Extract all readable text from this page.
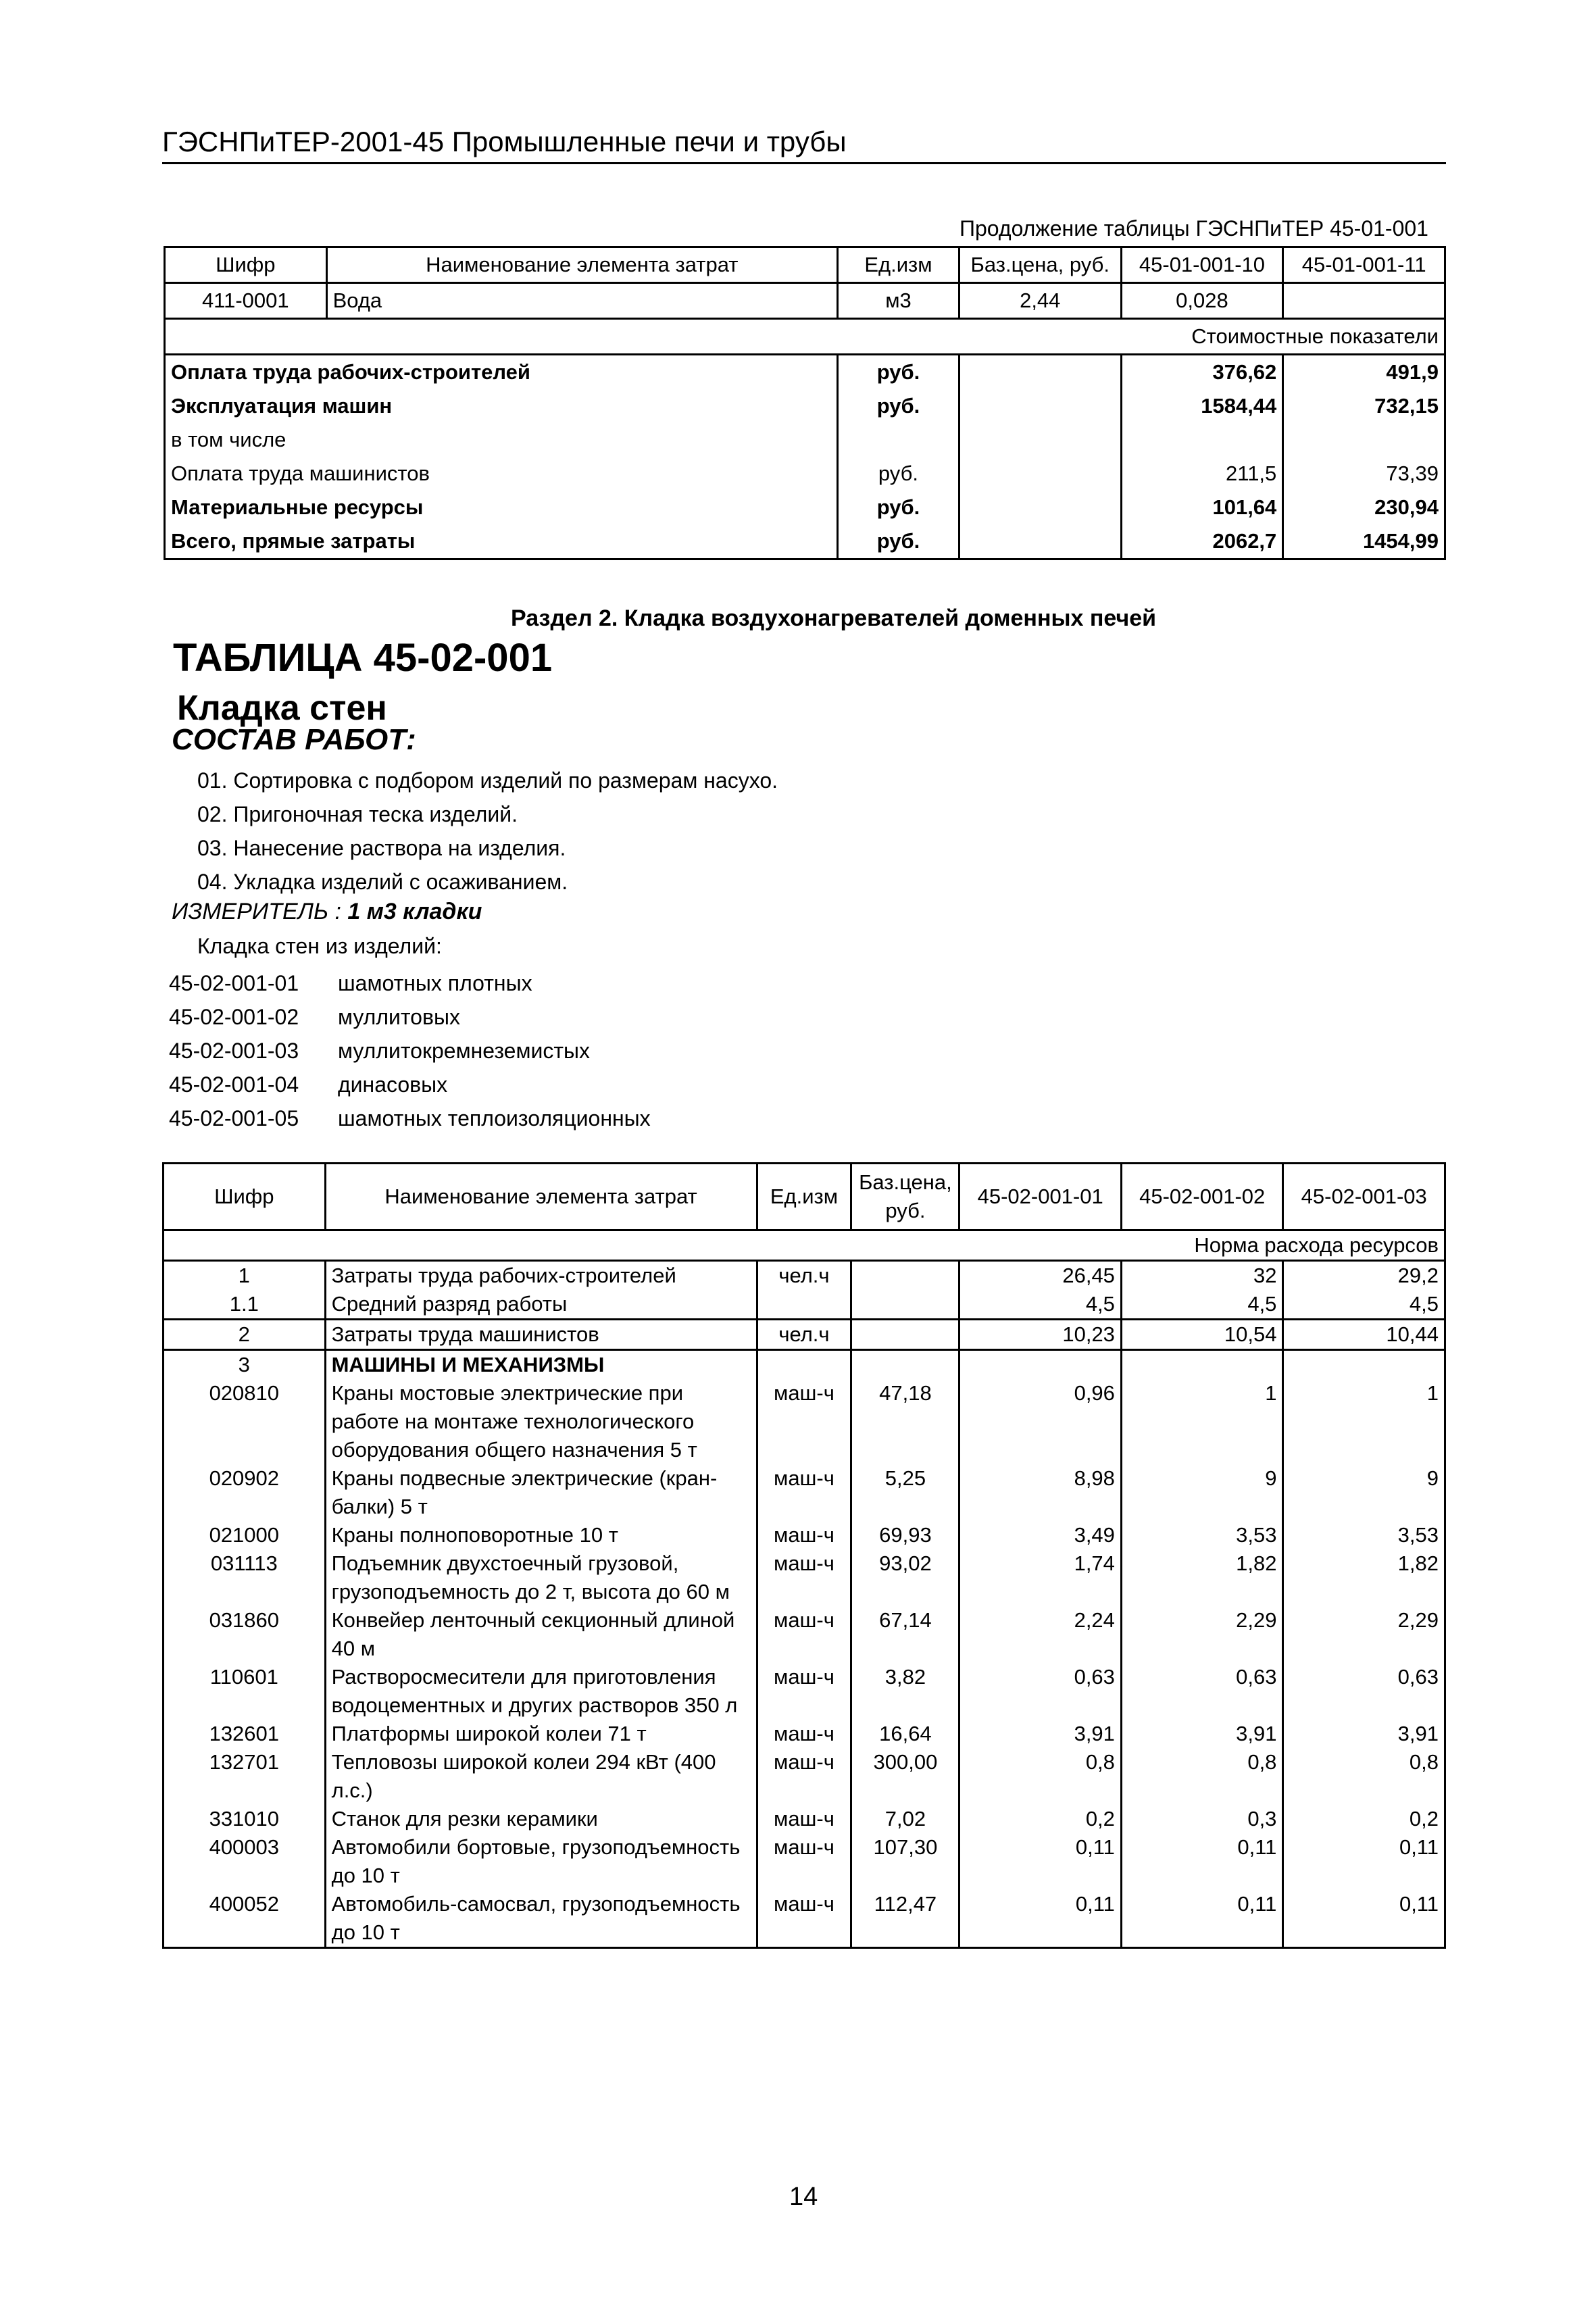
ГЭСНПиТЕР-2001-45 Промышленные печи и трубы
Продолжение таблицы ГЭСНПиТЕР 45-01-001
Шифр	Наименование элемента затрат	Ед.изм	Баз.цена, руб.	45-01-001-10	45-01-001-11
411-0001	Вода	м3	2,44	0,028	
Стоимостные показатели					
Оплата труда рабочих-строителей		руб.		376,62	491,9
Эксплуатация машин		руб.		1584,44	732,15
в том числе					
Оплата труда машинистов		руб.		211,5	73,39
Материальные ресурсы		руб.		101,64	230,94
Всего, прямые затраты		руб.		2062,7	1454,99
Раздел 2. Кладка воздухонагревателей доменных печей
ТАБЛИЦА 45-02-001
Кладка стен
СОСТАВ РАБОТ:
01. Сортировка с подбором изделий по размерам насухо.
02. Пригоночная теска изделий.
03. Нанесение раствора на изделия.
04. Укладка изделий с осаживанием.
ИЗМЕРИТЕЛЬ : 1 м3 кладки
Кладка стен из изделий:
45-02-001-01 шамотных плотных
45-02-001-02 муллитовых
45-02-001-03 муллитокремнеземистых
45-02-001-04 динасовых
45-02-001-05 шамотных теплоизоляционных
Шифр	Наименование элемента затрат	Ед.изм	Баз.цена, руб.	45-02-001-01	45-02-001-02	45-02-001-03
Норма расхода ресурсов						
1	Затраты труда рабочих-строителей	чел.ч		26,45	32	29,2
1.1	Средний разряд работы			4,5	4,5	4,5
2	Затраты труда машинистов	чел.ч		10,23	10,54	10,44
3	МАШИНЫ И МЕХАНИЗМЫ					
020810	Краны мостовые электрические при работе на монтаже технологического оборудования общего назначения 5 т	маш-ч	47,18	0,96	1	1
020902	Краны подвесные электрические (кран-балки) 5 т	маш-ч	5,25	8,98	9	9
021000	Краны полноповоротные 10 т	маш-ч	69,93	3,49	3,53	3,53
031113	Подъемник двухстоечный грузовой, грузоподъемность до 2 т, высота до 60 м	маш-ч	93,02	1,74	1,82	1,82
031860	Конвейер ленточный секционный длиной 40 м	маш-ч	67,14	2,24	2,29	2,29
110601	Растворосмесители для приготовления водоцементных и других растворов 350 л	маш-ч	3,82	0,63	0,63	0,63
132601	Платформы широкой колеи 71 т	маш-ч	16,64	3,91	3,91	3,91
132701	Тепловозы широкой колеи 294 кВт (400 л.с.)	маш-ч	300,00	0,8	0,8	0,8
331010	Станок для резки керамики	маш-ч	7,02	0,2	0,3	0,2
400003	Автомобили бортовые, грузоподъемность до 10 т	маш-ч	107,30	0,11	0,11	0,11
400052	Автомобиль-самосвал, грузоподъемность до 10 т	маш-ч	112,47	0,11	0,11	0,11
14
